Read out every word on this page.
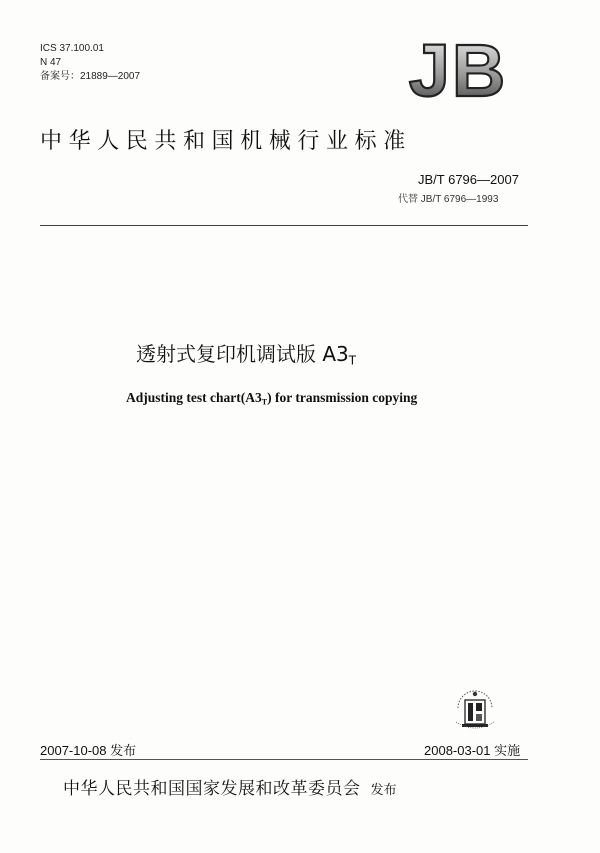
ICS 37.100.01
N 47
备案号：21889—2007	JB
中华人民共和国机械行业标准
JB/T 6796—2007
代替 JB/T 6796—1993
透射式复印机调试版 $A3_T$
Adjusting test $chart(A3_T)$ for transmission copying
2007-10-08 发布	2008-03-01 实施
中华人民共和国国家发展和改革委员会 发布
